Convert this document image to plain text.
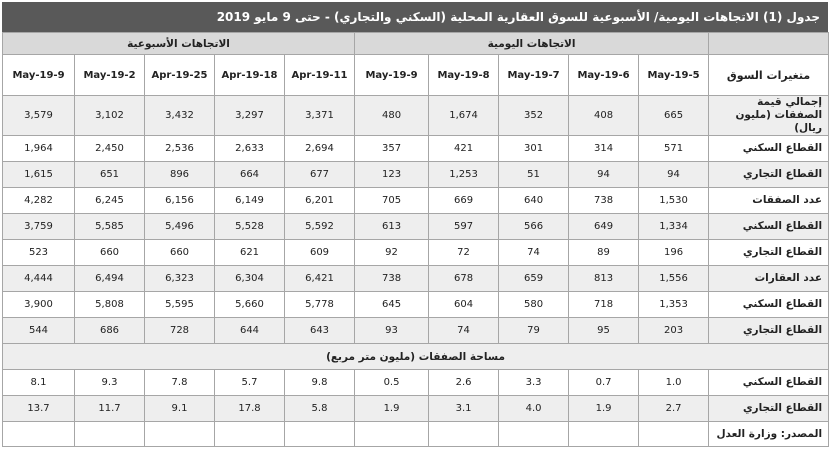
جدول (1) الاتجاهات اليومية/ الأسبوعية للسوق العقارية المحلية (السكني والتجاري) - حتى 9 مايو 2019
	الاتجاهات اليومية					الاتجاهات الأسبوعية				
متغيرات السوق	5-May-19	6-May-19	7-May-19	8-May-19	9-May-19	11-Apr-19	18-Apr-19	25-Apr-19	2-May-19	9-May-19
إجمالي قيمة الصفقات (مليون ريال)	665	408	352	1,674	480	3,371	3,297	3,432	3,102	3,579
القطاع السكني	571	314	301	421	357	2,694	2,633	2,536	2,450	1,964
القطاع التجاري	94	94	51	1,253	123	677	664	896	651	1,615
عدد الصفقات	1,530	738	640	669	705	6,201	6,149	6,156	6,245	4,282
القطاع السكني	1,334	649	566	597	613	5,592	5,528	5,496	5,585	3,759
القطاع التجاري	196	89	74	72	92	609	621	660	660	523
عدد العقارات	1,556	813	659	678	738	6,421	6,304	6,323	6,494	4,444
القطاع السكني	1,353	718	580	604	645	5,778	5,660	5,595	5,808	3,900
القطاع التجاري	203	95	79	74	93	643	644	728	686	544
مساحة الصفقات (مليون متر مربع)										
القطاع السكني	1.0	0.7	3.3	2.6	0.5	9.8	5.7	7.8	9.3	8.1
القطاع التجاري	2.7	1.9	4.0	3.1	1.9	5.8	17.8	9.1	11.7	13.7
المصدر: وزارة العدل										
